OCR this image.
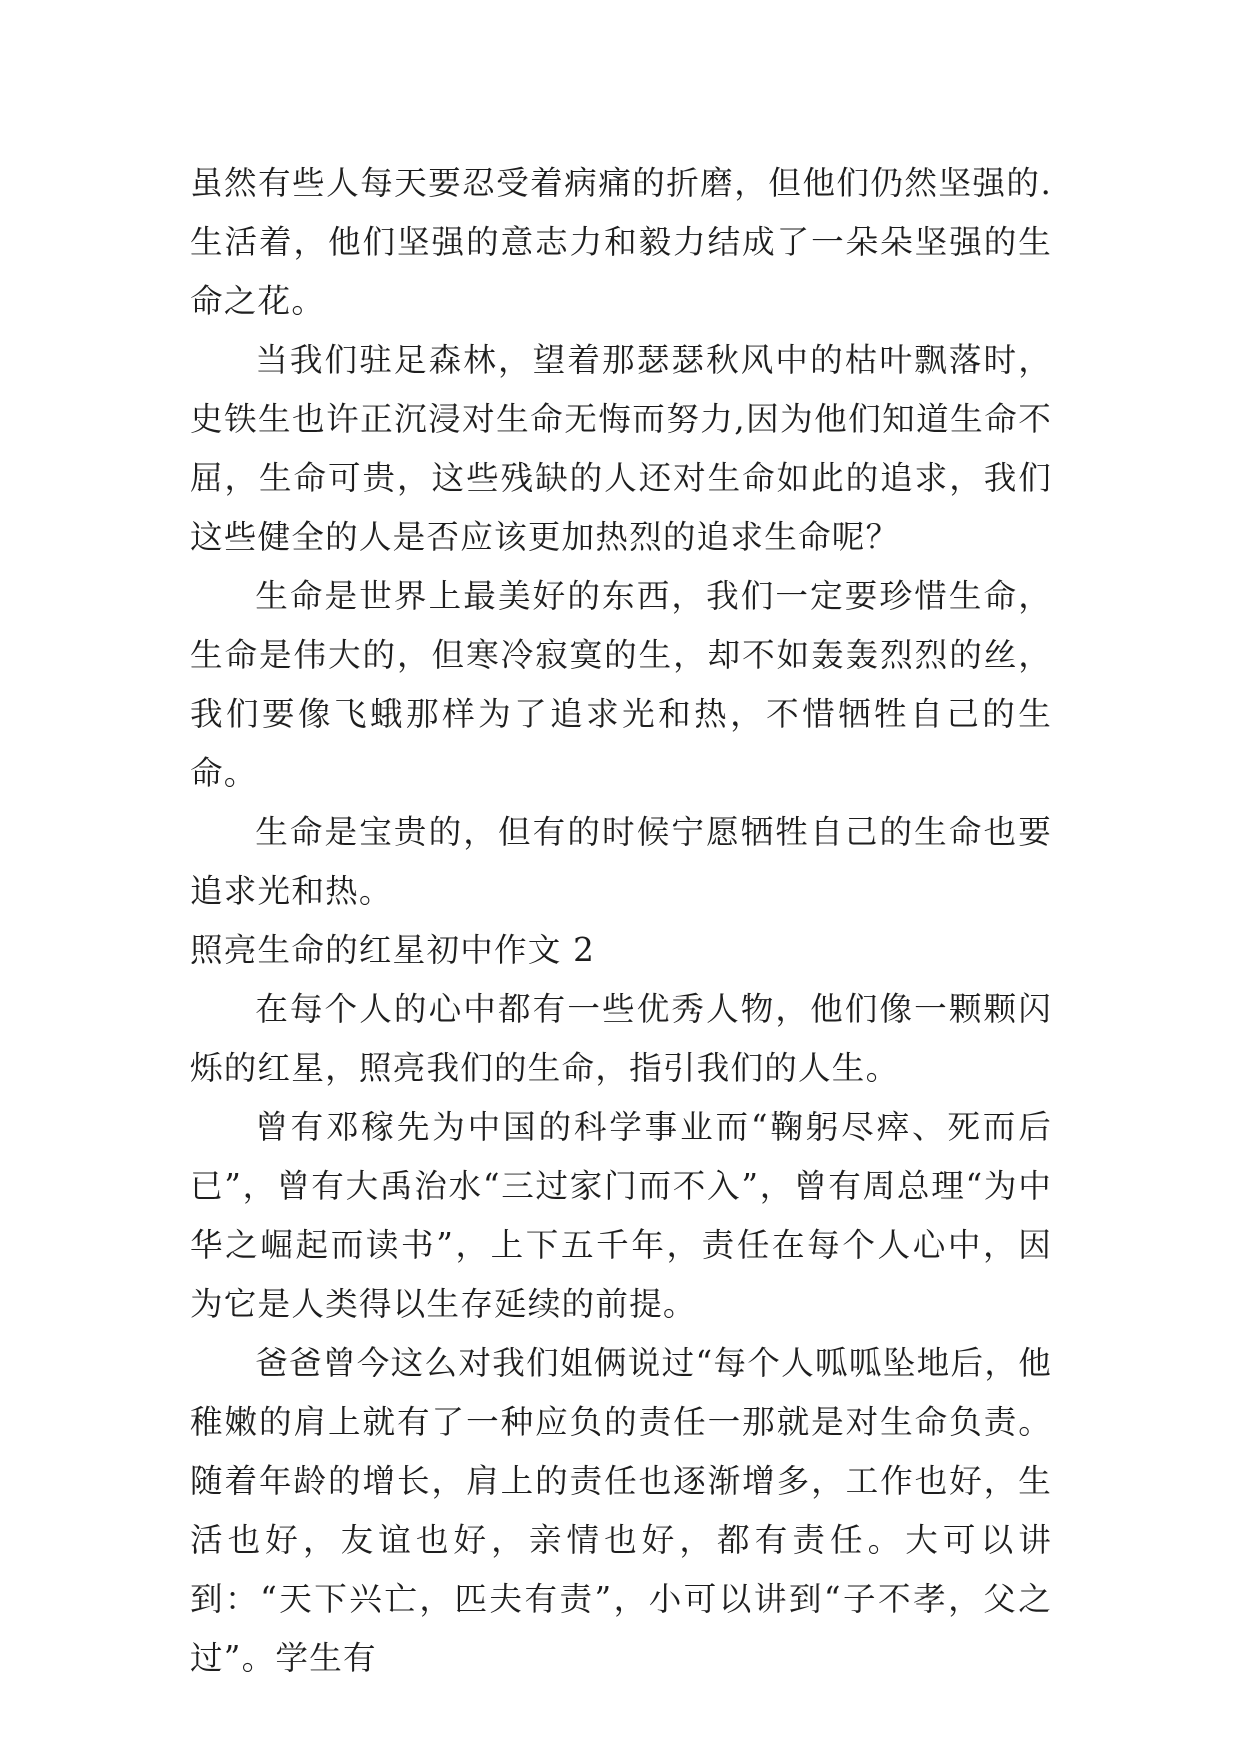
虽然有些人每天要忍受着病痛的折磨，但他们仍然坚强的.生活着，他们坚强的意志力和毅力结成了一朵朵坚强的生命之花。

当我们驻足森林，望着那瑟瑟秋风中的枯叶飘落时，史铁生也许正沉浸对生命无悔而努力,因为他们知道生命不屈，生命可贵，这些残缺的人还对生命如此的追求，我们这些健全的人是否应该更加热烈的追求生命呢？

生命是世界上最美好的东西，我们一定要珍惜生命，生命是伟大的，但寒冷寂寞的生，却不如轰轰烈烈的丝，我们要像飞蛾那样为了追求光和热，不惜牺牲自己的生命。

生命是宝贵的，但有的时候宁愿牺牲自己的生命也要追求光和热。

照亮生命的红星初中作文 2

在每个人的心中都有一些优秀人物，他们像一颗颗闪烁的红星，照亮我们的生命，指引我们的人生。

曾有邓稼先为中国的科学事业而“鞠躬尽瘁、死而后已”，曾有大禹治水“三过家门而不入”，曾有周总理“为中华之崛起而读书”，上下五千年，责任在每个人心中，因为它是人类得以生存延续的前提。

爸爸曾今这么对我们姐俩说过“每个人呱呱坠地后，他稚嫩的肩上就有了一种应负的责任一那就是对生命负责。随着年龄的增长，肩上的责任也逐渐增多，工作也好，生活也好，友谊也好，亲情也好，都有责任。大可以讲到：“天下兴亡，匹夫有责”，小可以讲到“子不孝，父之过”。学生有
